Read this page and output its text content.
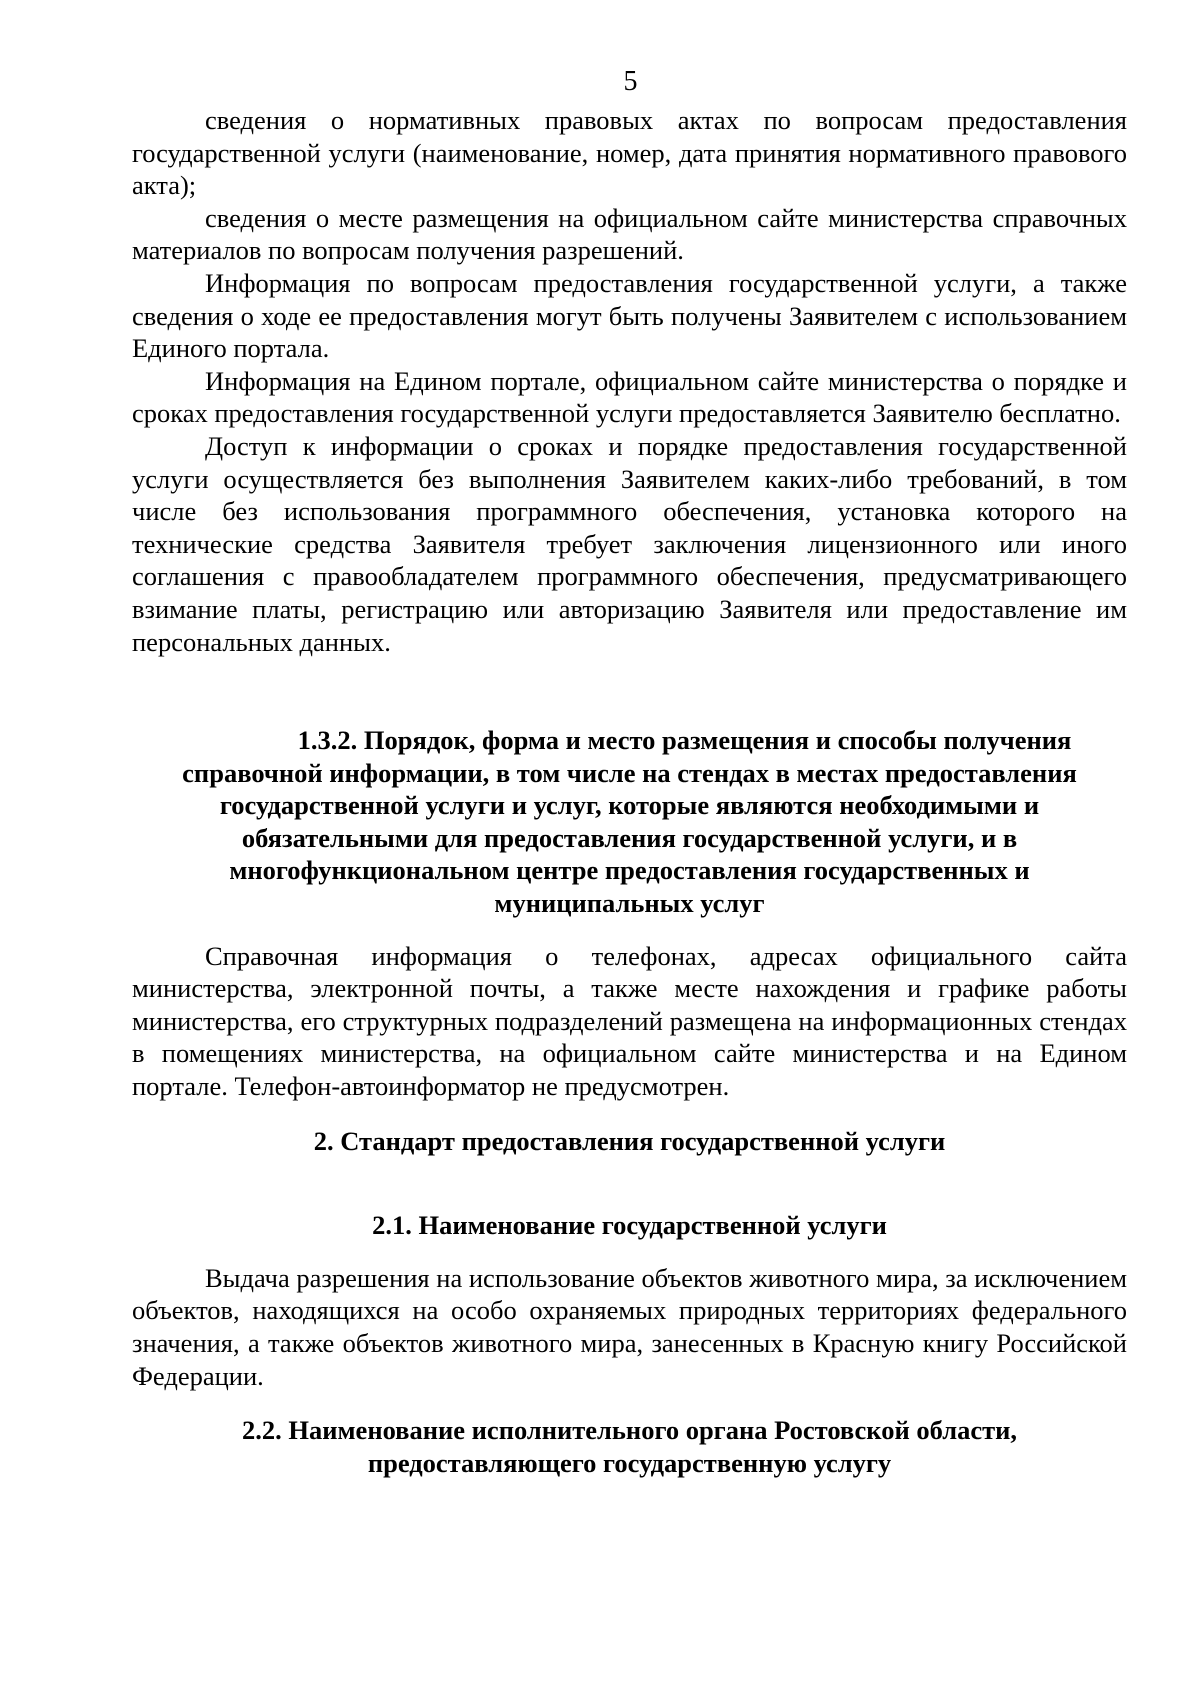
5

сведения о нормативных правовых актах по вопросам предоставления государственной услуги (наименование, номер, дата принятия нормативного правового акта);

сведения о месте размещения на официальном сайте министерства справочных материалов по вопросам получения разрешений.

Информация по вопросам предоставления государственной услуги, а также сведения о ходе ее предоставления могут быть получены Заявителем с использованием Единого портала.

Информация на Едином портале, официальном сайте министерства о порядке и сроках предоставления государственной услуги предоставляется Заявителю бесплатно.

Доступ к информации о сроках и порядке предоставления государственной услуги осуществляется без выполнения Заявителем каких-либо требований, в том числе без использования программного обеспечения, установка которого на технические средства Заявителя требует заключения лицензионного или иного соглашения с правообладателем программного обеспечения, предусматривающего взимание платы, регистрацию или авторизацию Заявителя или предоставление им персональных данных.

1.3.2. Порядок, форма и место размещения и способы получения справочной информации, в том числе на стендах в местах предоставления государственной услуги и услуг, которые являются необходимыми и обязательными для предоставления государственной услуги, и в многофункциональном центре предоставления государственных и муниципальных услуг

Справочная информация о телефонах, адресах официального сайта министерства, электронной почты, а также месте нахождения и графике работы министерства, его структурных подразделений размещена на информационных стендах в помещениях министерства, на официальном сайте министерства и на Едином портале. Телефон-автоинформатор не предусмотрен.

2. Стандарт предоставления государственной услуги
2.1. Наименование государственной услуги

Выдача разрешения на использование объектов животного мира, за исключением объектов, находящихся на особо охраняемых природных территориях федерального значения, а также объектов животного мира, занесенных в Красную книгу Российской Федерации.

2.2. Наименование исполнительного органа Ростовской области,
предоставляющего государственную услугу
